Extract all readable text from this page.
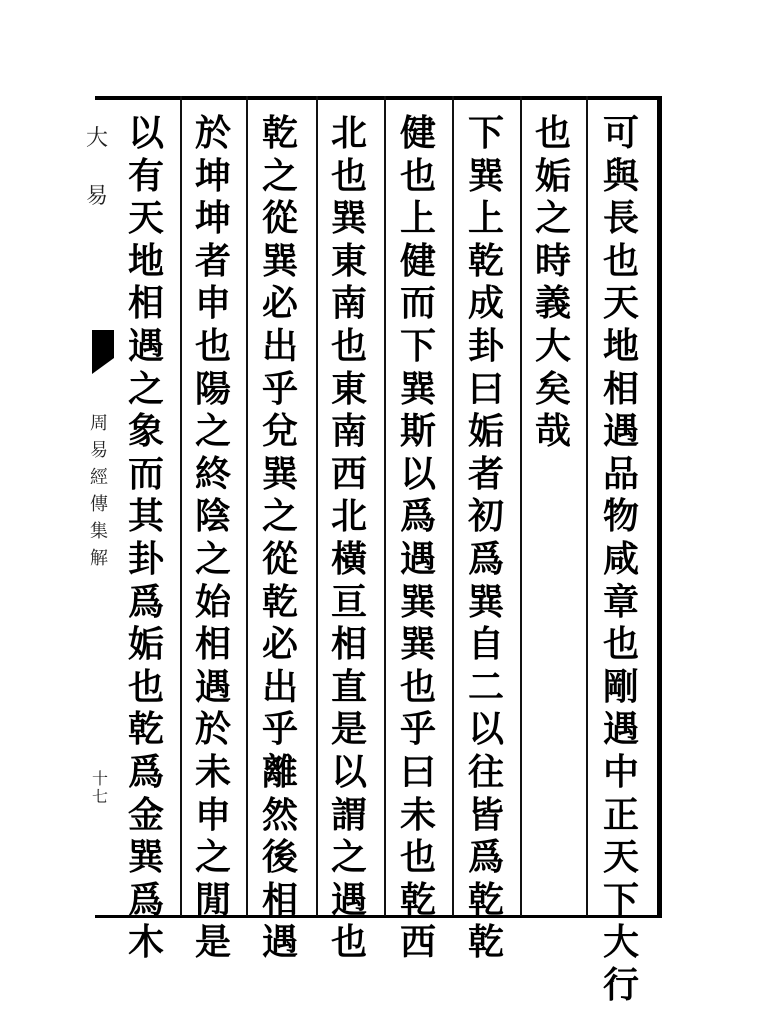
大易
周
易
經
傳
集
解
十
七
可
與
長
也
天
地
相
遇
品
物
咸
章
也
剛
遇
中
正
天
下
大
行
也
姤
之
時
義
大
矣
哉
下
巽
上
乾
成
卦
曰
姤
者
初
爲
巽
自
二
以
往
皆
爲
乾
乾
健
也
上
健
而
下
巽
斯
以
爲
遇
巽
巽
也
乎
曰
未
也
乾
西
北
也
巽
東
南
也
東
南
西
北
橫
亘
相
直
是
以
謂
之
遇
也
乾
之
從
巽
必
出
乎
兌
巽
之
從
乾
必
出
乎
離
然
後
相
遇
於
坤
坤
者
申
也
陽
之
終
陰
之
始
相
遇
於
未
申
之
閒
是
以
有
天
地
相
遇
之
象
而
其
卦
爲
姤
也
乾
爲
金
巽
爲
木
